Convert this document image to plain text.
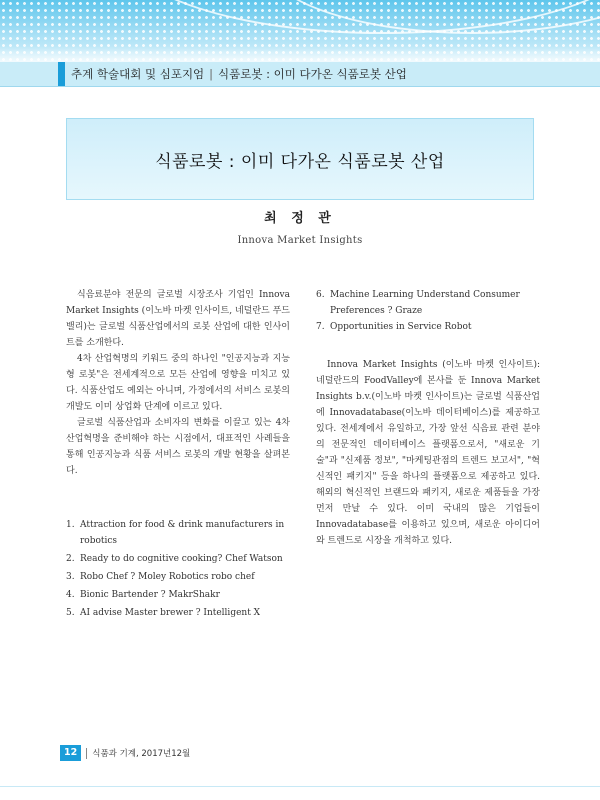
추계 학술대회 및 심포지엄 | 식품로봇 : 이미 다가온 식품로봇 산업
식품로봇 : 이미 다가온 식품로봇 산업
최 정 관
Innova Market Insights

식음료분야 전문의 글로벌 시장조사 기업인 Innova Market Insights (이노바 마켓 인사이트, 네덜란드 푸드밸리)는 글로벌 식품산업에서의 로봇 산업에 대한 인사이트를 소개한다.

4차 산업혁명의 키워드 중의 하나인 "인공지능과 지능형 로봇"은 전세계적으로 모든 산업에 영향을 미치고 있다. 식품산업도 예외는 아니며, 가정에서의 서비스 로봇의 개발도 이미 상업화 단계에 이르고 있다.

글로벌 식품산업과 소비자의 변화를 이끌고 있는 4차 산업혁명을 준비해야 하는 시점에서, 대표적인 사례들을 통해 인공지능과 식품 서비스 로봇의 개발 현황을 살펴본다.

1. Attraction for food & drink manufacturers in robotics
2. Ready to do cognitive cooking? Chef Watson
3. Robo Chef ? Moley Robotics robo chef
4. Bionic Bartender ? MakrShakr
5. AI advise Master brewer ? Intelligent X
6. Machine Learning Understand Consumer Preferences ? Graze
7. Opportunities in Service Robot

Innova Market Insights (이노바 마켓 인사이트): 네덜란드의 FoodValley에 본사를 둔 Innova Market Insights b.v.(이노바 마켓 인사이트)는 글로벌 식품산업에 Innovadatabase(이노바 데이터베이스)를 제공하고 있다. 전세계에서 유일하고, 가장 앞선 식음료 관련 분야의 전문적인 데이터베이스 플랫폼으로서, "새로운 기술"과 "신제품 정보", "마케팅관점의 트렌드 보고서", "혁신적인 패키지" 등을 하나의 플랫폼으로 제공하고 있다. 해외의 혁신적인 브랜드와 패키지, 새로운 제품들을 가장 먼저 만날 수 있다. 이미 국내의 많은 기업들이 Innovadatabase를 이용하고 있으며, 새로운 아이디어와 트렌드로 시장을 개척하고 있다.

12	식품과 기계, 2017년12월
